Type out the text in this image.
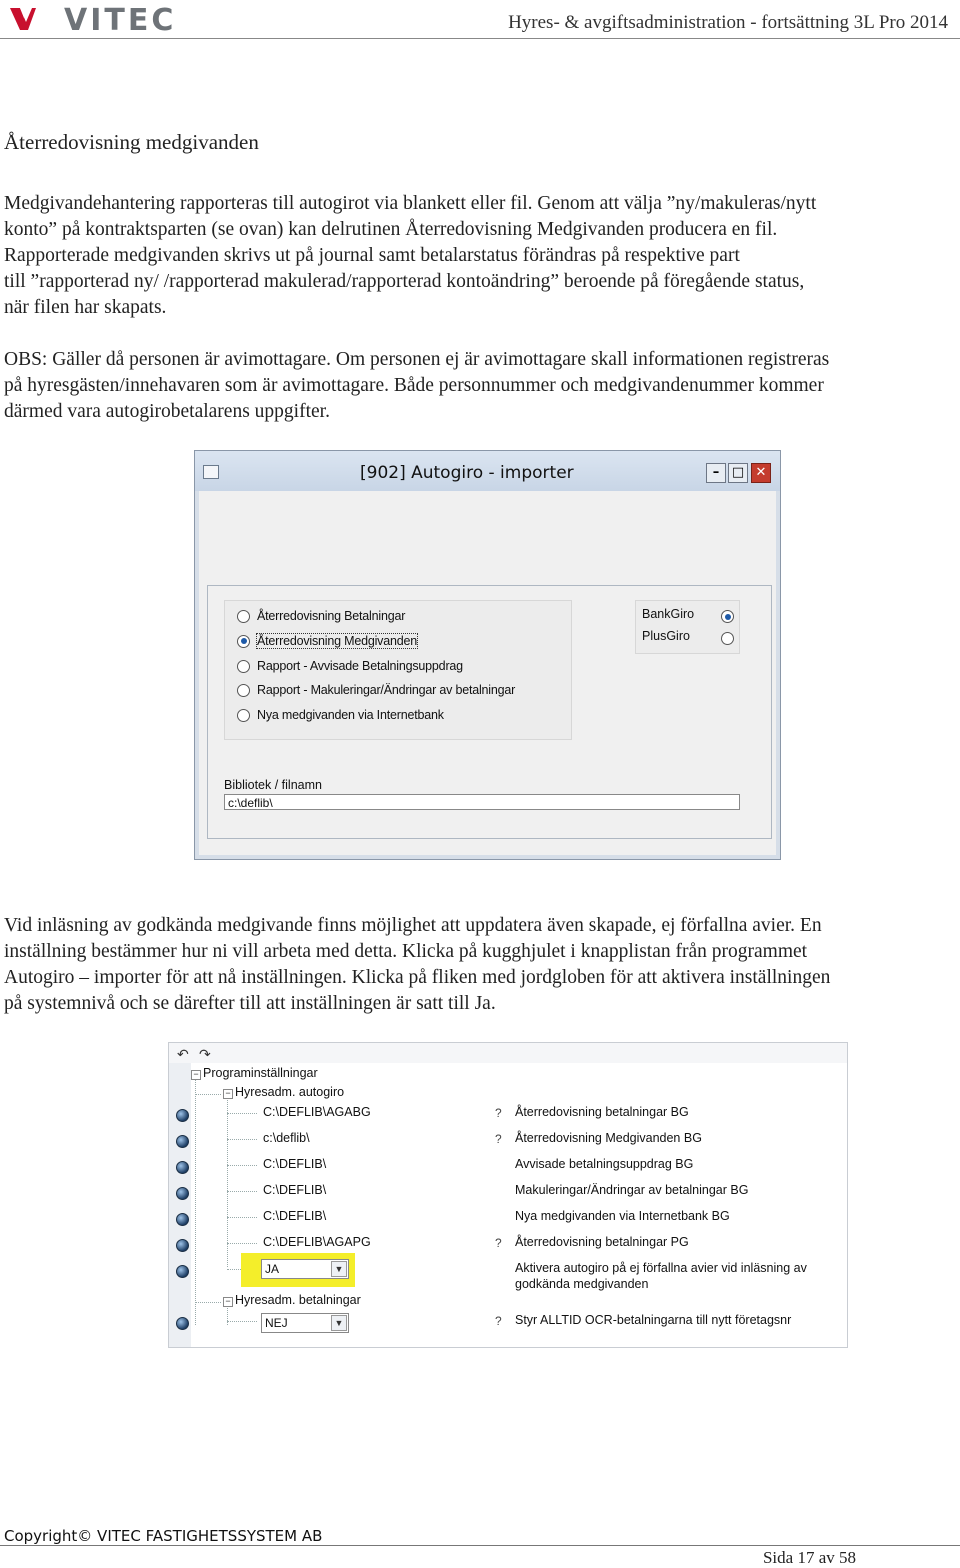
VITEC	Hyres- & avgiftsadministration - fortsättning 3L Pro 2014
Återredovisning medgivanden
Medgivandehantering rapporteras till autogirot via blankett eller fil. Genom att välja ”ny/makuleras/nytt
konto” på kontraktsparten (se ovan) kan delrutinen Återredovisning Medgivanden producera en fil.
Rapporterade medgivanden skrivs ut på journal samt betalarstatus förändras på respektive part
till ”rapporterad ny/ /rapporterad makulerad/rapporterad kontoändring” beroende på föregående status,
när filen har skapats.
OBS: Gäller då personen är avimottagare. Om personen ej är avimottagare skall informationen registreras
på hyresgästen/innehavaren som är avimottagare. Både personnummer och medgivandenummer kommer
därmed vara autogirobetalarens uppgifter.
[902] Autogiro - importer	– □ ✕
Återredovisning Betalningar
Återredovisning Medgivanden
Rapport - Avvisade Betalningsuppdrag
Rapport - Makuleringar/Ändringar av betalningar
Nya medgivanden via Internetbank
BankGiro
PlusGiro
Bibliotek / filnamn
c:\deflib\
Vid inläsning av godkända medgivande finns möjlighet att uppdatera även skapade, ej förfallna avier. En
inställning bestämmer hur ni vill arbeta med detta. Klicka på kugghjulet i knapplistan från programmet
Autogiro – importer för att nå inställningen. Klicka på fliken med jordgloben för att aktivera inställningen
på systemnivå och se därefter till att inställningen är satt till Ja.
↶ ↷
− Programinställningar
− Hyresadm. autogiro
C:\DEFLIB\AGABG	? Återredovisning betalningar BG
c:\deflib\	? Återredovisning Medgivanden BG
C:\DEFLIB\	Avvisade betalningsuppdrag BG
C:\DEFLIB\	Makuleringar/Ändringar av betalningar BG
C:\DEFLIB\	Nya medgivanden via Internetbank BG
C:\DEFLIB\AGAPG	? Återredovisning betalningar PG
JA	▼	Aktivera autogiro på ej förfallna avier vid inläsning av
godkända medgivanden
− Hyresadm. betalningar
NEJ	▼	? Styr ALLTID OCR-betalningarna till nytt företagsnr
Copyright© VITEC FASTIGHETSSYSTEM AB
Sida 17 av 58
